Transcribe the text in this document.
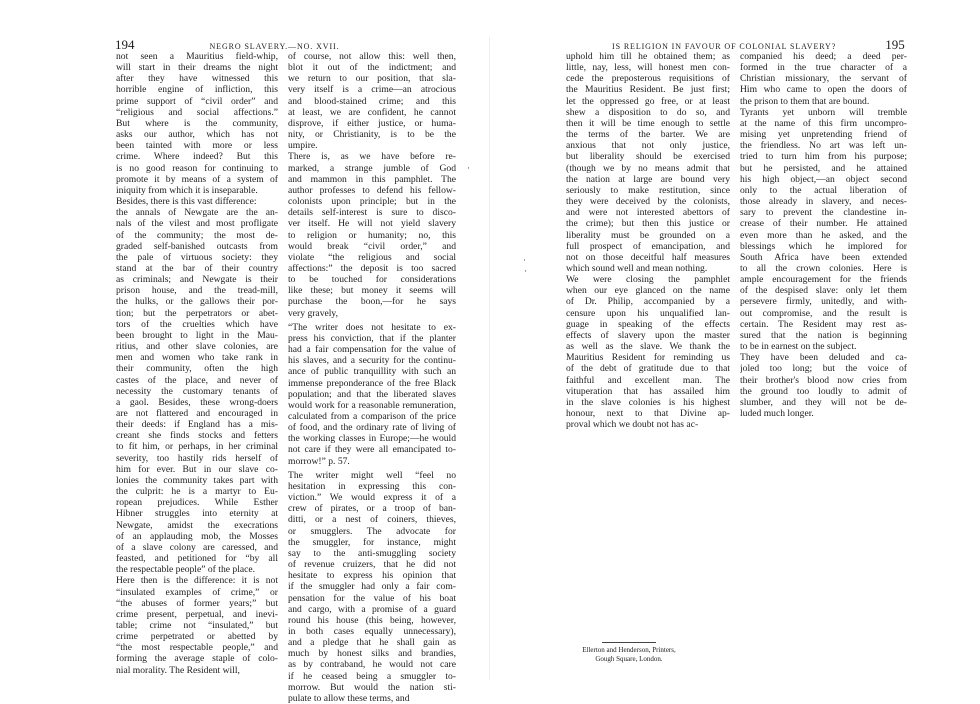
194	NEGRO SLAVERY.—NO. XVII.

not seen a Mauritius field-whip,

will start in their dreams the night

after they have witnessed this

horrible engine of infliction, this

prime support of “civil order” and

“religious and social affections.”

But where is the community,

asks our author, which has not

been tainted with more or less

crime. Where indeed? But this

is no good reason for continuing to

promote it by means of a system of

iniquity from which it is inseparable.

Besides, there is this vast difference:

the annals of Newgate are the an-

nals of the vilest and most profligate

of the community; the most de-

graded self-banished outcasts from

the pale of virtuous society: they

stand at the bar of their country

as criminals; and Newgate is their

prison house, and the tread-mill,

the hulks, or the gallows their por-

tion; but the perpetrators or abet-

tors of the cruelties which have

been brought to light in the Mau-

ritius, and other slave colonies, are

men and women who take rank in

their community, often the high

castes of the place, and never of

necessity the customary tenants of

a gaol. Besides, these wrong-doers

are not flattered and encouraged in

their deeds: if England has a mis-

creant she finds stocks and fetters

to fit him, or perhaps, in her criminal

severity, too hastily rids herself of

him for ever. But in our slave co-

lonies the community takes part with

the culprit: he is a martyr to Eu-

ropean prejudices. While Esther

Hibner struggles into eternity at

Newgate, amidst the execrations

of an applauding mob, the Mosses

of a slave colony are caressed, and

feasted, and petitioned for “by all

the respectable people” of the place.

Here then is the difference: it is not

“insulated examples of crime,” or

“the abuses of former years;” but

crime present, perpetual, and inevi-

table; crime not “insulated,” but

crime perpetrated or abetted by

“the most respectable people,” and

forming the average staple of colo-

nial morality. The Resident will,

of course, not allow this: well then,

blot it out of the indictment; and

we return to our position, that sla-

very itself is a crime—an atrocious

and blood-stained crime; and this

at least, we are confident, he cannot

disprove, if either justice, or huma-

nity, or Christianity, is to be the

umpire.

There is, as we have before re-

marked, a strange jumble of God

and mammon in this pamphlet. The

author professes to defend his fellow-

colonists upon principle; but in the

details self-interest is sure to disco-

ver itself. He will not yield slavery

to religion or humanity; no, this

would break “civil order,” and

violate “the religious and social

affections:” the deposit is too sacred

to be touched for considerations

like these; but money it seems will

purchase the boon,—for he says

very gravely,

“The writer does not hesitate to ex-

press his conviction, that if the planter

had a fair compensation for the value of

his slaves, and a security for the continu-

ance of public tranquillity with such an

immense preponderance of the free Black

population; and that the liberated slaves

would work for a reasonable remuneration,

calculated from a comparison of the price

of food, and the ordinary rate of living of

the working classes in Europe;—he would

not care if they were all emancipated to-

morrow!” p. 57.

The writer might well “feel no

hesitation in expressing this con-

viction.” We would express it of a

crew of pirates, or a troop of ban-

ditti, or a nest of coiners, thieves,

or smugglers. The advocate for

the smuggler, for instance, might

say to the anti-smuggling society

of revenue cruizers, that he did not

hesitate to express his opinion that

if the smuggler had only a fair com-

pensation for the value of his boat

and cargo, with a promise of a guard

round his house (this being, however,

in both cases equally unnecessary),

and a pledge that he shall gain as

much by honest silks and brandies,

as by contraband, he would not care

if he ceased being a smuggler to-

morrow. But would the nation sti-

pulate to allow these terms, and

IS RELIGION IN FAVOUR OF COLONIAL SLAVERY?	195

uphold him till he obtained them; as

little, nay, less, will honest men con-

cede the preposterous requisitions of

the Mauritius Resident. Be just first;

let the oppressed go free, or at least

shew a disposition to do so, and

then it will be time enough to settle

the terms of the barter. We are

anxious that not only justice,

but liberality should be exercised

(though we by no means admit that

the nation at large are bound very

seriously to make restitution, since

they were deceived by the colonists,

and were not interested abettors of

the crime); but then this justice or

liberality must be grounded on a

full prospect of emancipation, and

not on those deceitful half measures

which sound well and mean nothing.

We were closing the pamphlet

when our eye glanced on the name

of Dr. Philip, accompanied by a

censure upon his unqualified lan-

guage in speaking of the effects

effects of slavery upon the master

as well as the slave. We thank the

Mauritius Resident for reminding us

of the debt of gratitude due to that

faithful and excellent man. The

vituperation that has assailed him

in the slave colonies is his highest

honour, next to that Divine ap-

proval which we doubt not has ac-

companied his deed; a deed per-

formed in the true character of a

Christian missionary, the servant of

Him who came to open the doors of

the prison to them that are bound.

Tyrants yet unborn will tremble

at the name of this firm uncompro-

mising yet unpretending friend of

the friendless. No art was left un-

tried to turn him from his purpose;

but he persisted, and he attained

his high object,—an object second

only to the actual liberation of

those already in slavery, and neces-

sary to prevent the clandestine in-

crease of their number. He attained

even more than he asked, and the

blessings which he implored for

South Africa have been extended

to all the crown colonies. Here is

ample encouragement for the friends

of the despised slave: only let them

persevere firmly, unitedly, and with-

out compromise, and the result is

certain. The Resident may rest as-

sured that the nation is beginning

to be in earnest on the subject.

They have been deluded and ca-

joled too long; but the voice of

their brother's blood now cries from

the ground too loudly to admit of

slumber, and they will not be de-

luded much longer.

Ellerton and Henderson, Printers,
Gough Square, London.
·
·
·
